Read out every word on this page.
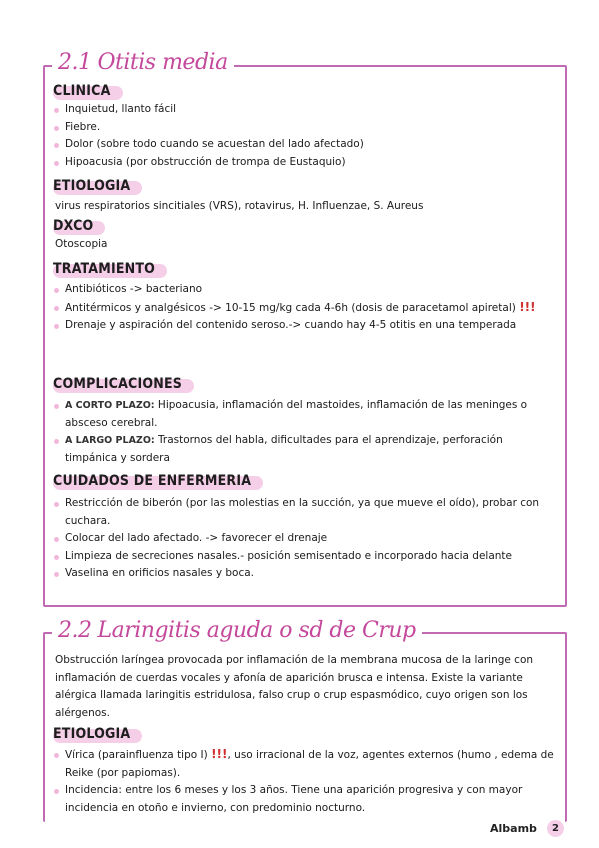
2.1 Otitis media
CLINICA
Inquietud, llanto fácil
Fiebre.
Dolor (sobre todo cuando se acuestan del lado afectado)
Hipoacusia (por obstrucción de trompa de Eustaquio)
ETIOLOGIA

virus respiratorios sincitiales (VRS), rotavirus, H. Influenzae, S. Aureus

DXCO

Otoscopia

TRATAMIENTO
Antibióticos -> bacteriano
Antitérmicos y analgésicos -> 10-15 mg/kg cada 4-6h (dosis de paracetamol apiretal) !!!
Drenaje y aspiración del contenido seroso.-> cuando hay 4-5 otitis en una temperada
COMPLICACIONES
A CORTO PLAZO: Hipoacusia, inflamación del mastoides, inflamación de las meninges o absceso cerebral.
A LARGO PLAZO: Trastornos del habla, dificultades para el aprendizaje, perforación timpánica y sordera
CUIDADOS DE ENFERMERIA
Restricción de biberón (por las molestias en la succión, ya que mueve el oído), probar con cuchara.
Colocar del lado afectado. -> favorecer el drenaje
Limpieza de secreciones nasales.- posición semisentado e incorporado hacia delante
Vaselina en orificios nasales y boca.
2.2 Laringitis aguda o sd de Crup

Obstrucción laríngea provocada por inflamación de la membrana mucosa de la laringe con inflamación de cuerdas vocales y afonía de aparición brusca e intensa. Existe la variante alérgica llamada laringitis estridulosa, falso crup o crup espasmódico, cuyo origen son los alérgenos.

ETIOLOGIA
Vírica (parainfluenza tipo I) !!!, uso irracional de la voz, agentes externos (humo , edema de Reike (por papiomas).
Incidencia: entre los 6 meses y los 3 años. Tiene una aparición progresiva y con mayor incidencia en otoño e invierno, con predominio nocturno.
Albamb	2
